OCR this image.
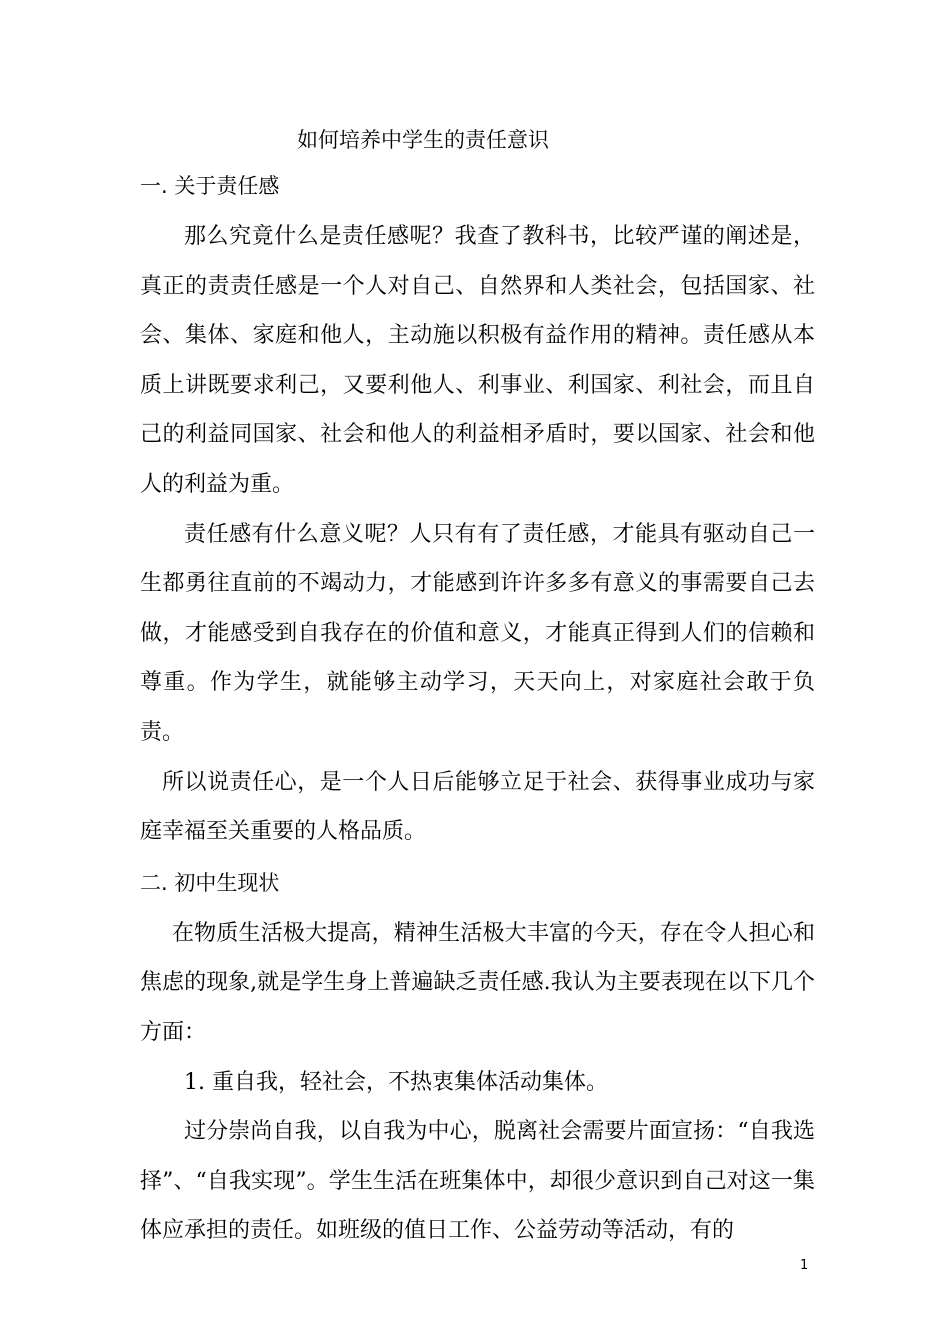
如何培养中学生的责任意识
一. 关于责任感

那么究竟什么是责任感呢？我查了教科书，比较严谨的阐述是，真正的责责任感是一个人对自己、自然界和人类社会，包括国家、社会、集体、家庭和他人，主动施以积极有益作用的精神。责任感从本质上讲既要求利己，又要利他人、利事业、利国家、利社会，而且自己的利益同国家、社会和他人的利益相矛盾时，要以国家、社会和他人的利益为重。

责任感有什么意义呢？人只有有了责任感，才能具有驱动自己一生都勇往直前的不竭动力，才能感到许许多多有意义的事需要自己去做，才能感受到自我存在的价值和意义，才能真正得到人们的信赖和尊重。作为学生，就能够主动学习，天天向上，对家庭社会敢于负责。

所以说责任心，是一个人日后能够立足于社会、获得事业成功与家庭幸福至关重要的人格品质。

二. 初中生现状

在物质生活极大提高，精神生活极大丰富的今天，存在令人担心和焦虑的现象,就是学生身上普遍缺乏责任感.我认为主要表现在以下几个方面：

1. 重自我，轻社会，不热衷集体活动集体。

过分崇尚自我，以自我为中心，脱离社会需要片面宣扬：“自我选择”、“自我实现”。学生生活在班集体中，却很少意识到自己对这一集体应承担的责任。如班级的值日工作、公益劳动等活动，有的

1
